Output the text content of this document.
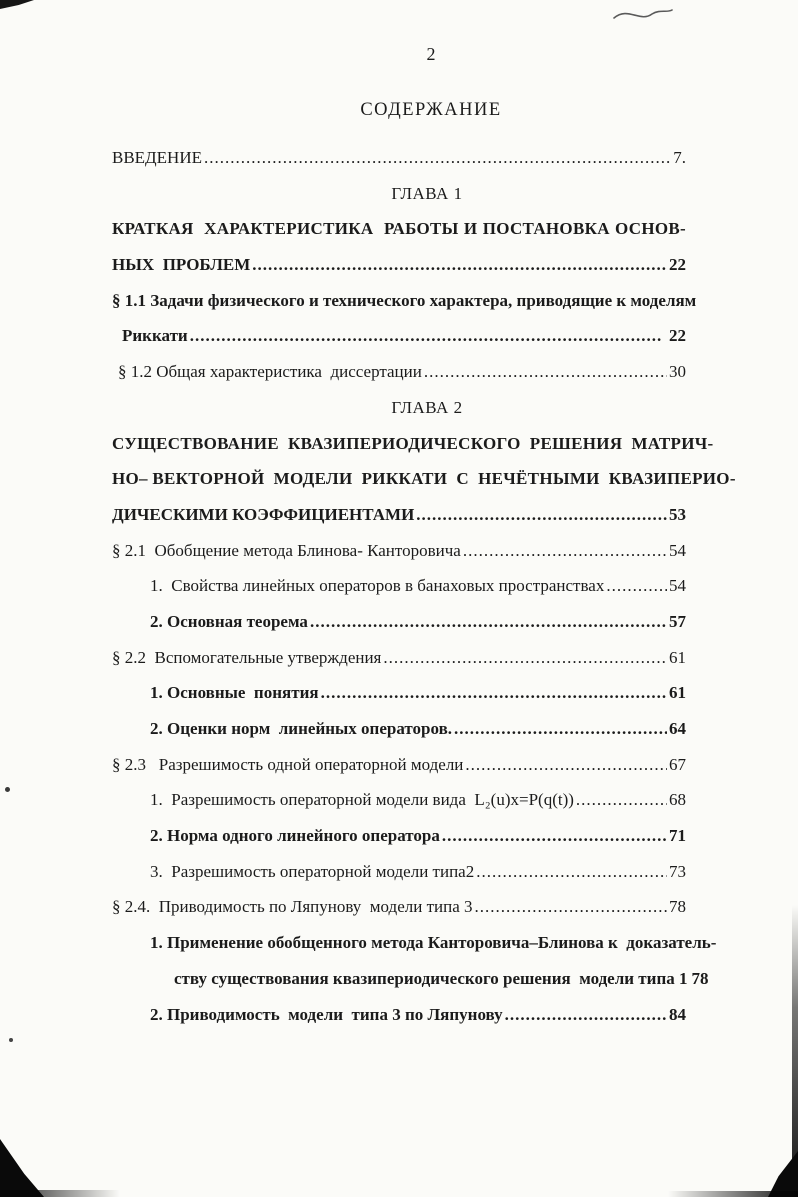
2
СОДЕРЖАНИЕ
ВВЕДЕНИЕ .....	7.
ГЛАВА 1
КРАТКАЯ  ХАРАКТЕРИСТИКА  РАБОТЫ И ПОСТАНОВКА ОСНОВ-
НЫХ  ПРОБЛЕМ .....	22
§ 1.1 Задачи физического и технического характера, приводящие к моделям
Риккати .....	22
§ 1.2 Общая характеристика  диссертации .....	30
ГЛАВА 2
СУЩЕСТВОВАНИЕ  КВАЗИПЕРИОДИЧЕСКОГО  РЕШЕНИЯ  МАТРИЧ-
НО– ВЕКТОРНОЙ  МОДЕЛИ  РИККАТИ  С  НЕЧЁТНЫМИ  КВАЗИПЕРИО-
ДИЧЕСКИМИ КОЭФФИЦИЕНТАМИ .....	53
§ 2.1  Обобщение метода Блинова- Канторовича .....	54
1.  Свойства линейных операторов в банаховых пространствах .....	54
2. Основная теорема .....	57
§ 2.2  Вспомогательные утверждения .....	61
1. Основные  понятия .....	61
2. Оценки норм  линейных операторов. .....	64
§ 2.3   Разрешимость одной операторной модели .....	67
1.  Разрешимость операторной модели вида  L₂(u)x=P(q(t)) .....	68
2. Норма одного линейного оператора .....	71
3.  Разрешимость операторной модели типа2 .....	73
§ 2.4.  Приводимость по Ляпунову  модели типа 3 .....	78
1. Применение обобщенного метода Канторовича–Блинова к  доказатель-
ству существования квазипериодического решения  модели типа 1 78
2. Приводимость  модели  типа 3 по Ляпунову .....	84
